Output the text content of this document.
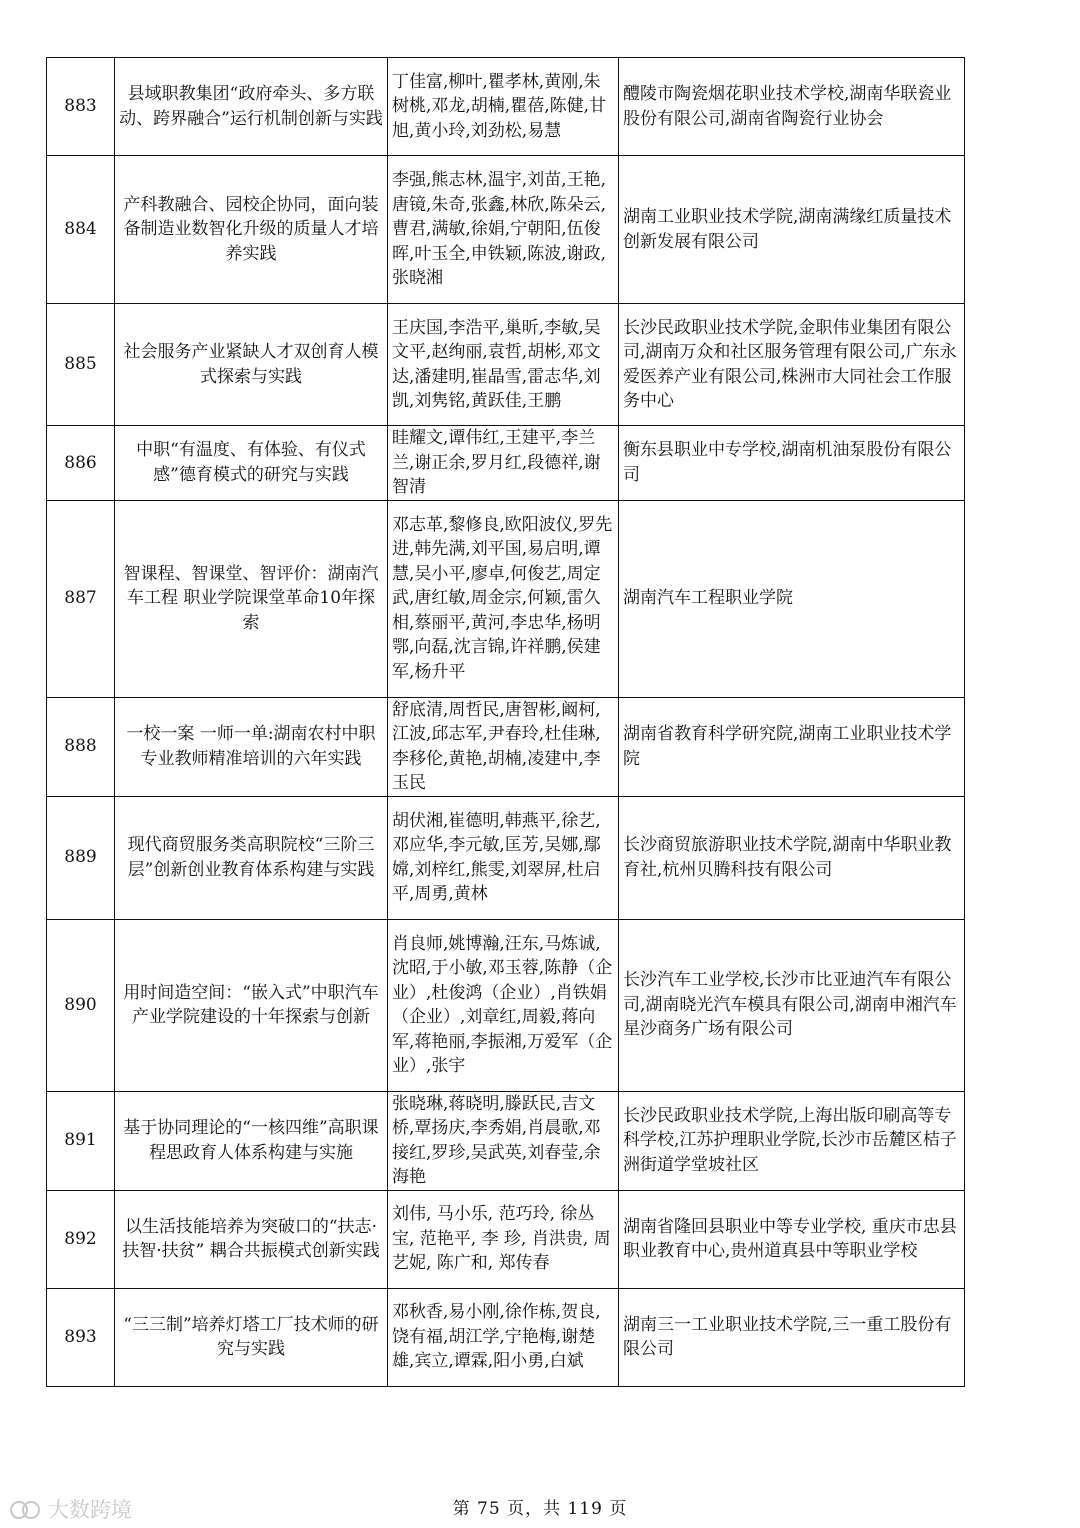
883	县域职教集团“政府牵头、多方联动、跨界融合”运行机制创新与实践	丁佳富,柳叶,瞿孝林,黄刚,朱树桃,邓龙,胡楠,瞿蓓,陈健,甘旭,黄小玲,刘劲松,易慧	醴陵市陶瓷烟花职业技术学校,湖南华联瓷业股份有限公司,湖南省陶瓷行业协会
884	产科教融合、园校企协同，面向装备制造业数智化升级的质量人才培养实践	李强,熊志林,温宇,刘苗,王艳,唐镜,朱奇,张鑫,林欣,陈朵云,曹君,满敏,徐娟,宁朝阳,伍俊晖,叶玉全,申铁颖,陈波,谢政,张晓湘	湖南工业职业技术学院,湖南满缘红质量技术创新发展有限公司
885	社会服务产业紧缺人才双创育人模式探索与实践	王庆国,李浩平,巢昕,李敏,吴文平,赵绚丽,袁哲,胡彬,邓文达,潘建明,崔晶雪,雷志华,刘凯,刘隽铭,黄跃佳,王鹏	长沙民政职业技术学院,金职伟业集团有限公司,湖南万众和社区服务管理有限公司,广东永爱医养产业有限公司,株洲市大同社会工作服务中心
886	中职“有温度、有体验、有仪式感”德育模式的研究与实践	眭耀文,谭伟红,王建平,李兰兰,谢正余,罗月红,段德祥,谢智清	衡东县职业中专学校,湖南机油泵股份有限公司
887	智课程、智课堂、智评价：湖南汽车工程 职业学院课堂革命10年探索	邓志革,黎修良,欧阳波仪,罗先进,韩先满,刘平国,易启明,谭慧,吴小平,廖卓,何俊艺,周定武,唐红敏,周金宗,何颖,雷久相,蔡丽平,黄河,李忠华,杨明鄂,向磊,沈言锦,许祥鹏,侯建军,杨升平	湖南汽车工程职业学院
888	一校一案 一师一单:湖南农村中职专业教师精准培训的六年实践	舒底清,周哲民,唐智彬,阚柯,江波,邱志军,尹春玲,杜佳琳,李移伦,黄艳,胡楠,凌建中,李玉民	湖南省教育科学研究院,湖南工业职业技术学院
889	现代商贸服务类高职院校“三阶三层”创新创业教育体系构建与实践	胡伏湘,崔德明,韩燕平,徐艺,邓应华,李元敏,匡芳,吴娜,鄢嫦,刘梓红,熊雯,刘翠屏,杜启平,周勇,黄林	长沙商贸旅游职业技术学院,湖南中华职业教育社,杭州贝腾科技有限公司
890	用时间造空间：“嵌入式”中职汽车产业学院建设的十年探索与创新	肖良师,姚博瀚,汪东,马炼诚,沈昭,于小敏,邓玉蓉,陈静（企业）,杜俊鸿（企业）,肖铁娟（企业）,刘章红,周毅,蒋向军,蒋艳丽,李振湘,万爱军（企业）,张宇	长沙汽车工业学校,长沙市比亚迪汽车有限公司,湖南晓光汽车模具有限公司,湖南申湘汽车星沙商务广场有限公司
891	基于协同理论的“一核四维”高职课程思政育人体系构建与实施	张晓琳,蒋晓明,滕跃民,吉文桥,覃扬庆,李秀娟,肖晨歌,邓接红,罗珍,吴武英,刘春莹,余海艳	长沙民政职业技术学院,上海出版印刷高等专科学校,江苏护理职业学院,长沙市岳麓区桔子洲街道学堂坡社区
892	以生活技能培养为突破口的“扶志·扶智·扶贫” 耦合共振模式创新实践	刘伟, 马小乐, 范巧玲, 徐丛宝, 范艳平, 李 珍, 肖洪贵, 周艺妮, 陈广和, 郑传春	湖南省隆回县职业中等专业学校, 重庆市忠县职业教育中心,贵州道真县中等职业学校
893	“三三制”培养灯塔工厂技术师的研究与实践	邓秋香,易小刚,徐作栋,贺良,饶有福,胡江学,宁艳梅,谢楚雄,宾立,谭霖,阳小勇,白斌	湖南三一工业职业技术学院,三一重工股份有限公司
大数跨境	第 75 页，共 119 页
